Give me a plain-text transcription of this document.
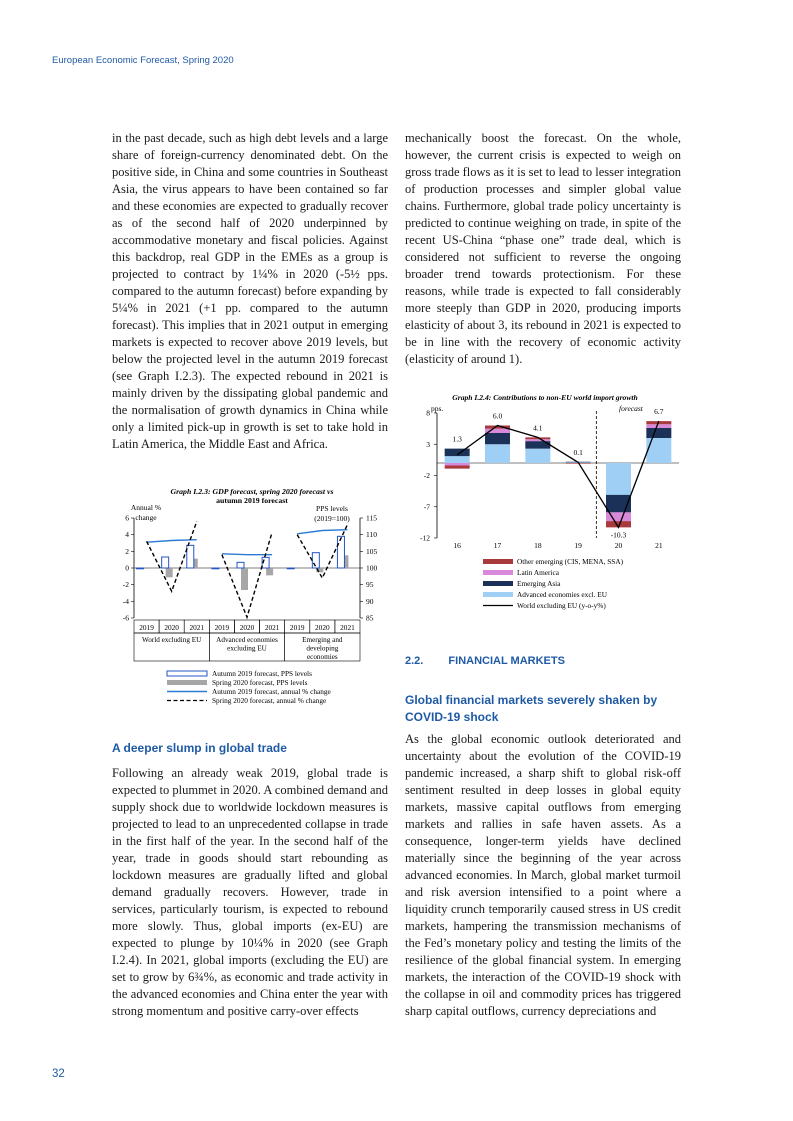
European Economic Forecast, Spring 2020

in the past decade, such as high debt levels and a large share of foreign-currency denominated debt. On the positive side, in China and some countries in Southeast Asia, the virus appears to have been contained so far and these economies are expected to gradually recover as of the second half of 2020 underpinned by accommodative monetary and fiscal policies. Against this backdrop, real GDP in the EMEs as a group is projected to contract by 1¼% in 2020 (-5½ pps. compared to the autumn forecast) before expanding by 5¼% in 2021 (+1 pp. compared to the autumn forecast). This implies that in 2021 output in emerging markets is expected to recover above 2019 levels, but below the projected level in the autumn 2019 forecast (see Graph I.2.3). The expected rebound in 2021 is mainly driven by the dissipating global pandemic and the normalisation of growth dynamics in China while only a limited pick-up in growth is set to take hold in Latin America, the Middle East and Africa.

Graph I.2.3: GDP forecast, spring 2020 forecast vs
autumn 2019 forecast
Annual %
change
PPS levels
(2019=100)
6
4
2
0
-2
-4
-6
115
110
105
100
95
90
85
2019 2020 2021 2019 2020 2021 2019 2020 2021
World excluding EU Advanced economies
excluding EU
Emerging and
developing
economies
Autumn 2019 forecast, PPS levels
Spring 2020 forecast, PPS levels
Autumn 2019 forecast, annual % change
Spring 2020 forecast, annual % change
A deeper slump in global trade

Following an already weak 2019, global trade is expected to plummet in 2020. A combined demand and supply shock due to worldwide lockdown measures is projected to lead to an unprecedented collapse in trade in the first half of the year. In the second half of the year, trade in goods should start rebounding as lockdown measures are gradually lifted and global demand gradually recovers. However, trade in services, particularly tourism, is expected to rebound more slowly. Thus, global imports (ex-EU) are expected to plunge by 10¼% in 2020 (see Graph I.2.4). In 2021, global imports (excluding the EU) are set to grow by 6¾%, as economic and trade activity in the advanced economies and China enter the year with strong momentum and positive carry-over effects

mechanically boost the forecast. On the whole, however, the current crisis is expected to weigh on gross trade flows as it is set to lead to lesser integration of production processes and simpler global value chains. Furthermore, global trade policy uncertainty is predicted to continue weighing on trade, in spite of the recent US-China “phase one” trade deal, which is considered not sufficient to reverse the ongoing broader trend towards protectionism. For these reasons, while trade is expected to fall considerably more steeply than GDP in 2020, producing imports elasticity of about 3, its rebound in 2021 is expected to be in line with the recovery of economic activity (elasticity of around 1).

Graph I.2.4: Contributions to non-EU world import growth
pps.	forecast
8
3
-2
-7
-12
16
1.3
17
6.0
18
4.1
19
0.1
20
-10.3
21
6.7
Other emerging (CIS, MENA, SSA)
Latin America
Emerging Asia
Advanced economies excl. EU
World excluding EU (y-o-y%)
2.2. FINANCIAL MARKETS
Global financial markets severely shaken by COVID-19 shock

As the global economic outlook deteriorated and uncertainty about the evolution of the COVID-19 pandemic increased, a sharp shift to global risk-off sentiment resulted in deep losses in global equity markets, massive capital outflows from emerging markets and rallies in safe haven assets. As a consequence, longer-term yields have declined materially since the beginning of the year across advanced economies. In March, global market turmoil and risk aversion intensified to a point where a liquidity crunch temporarily caused stress in US credit markets, hampering the transmission mechanisms of the Fed’s monetary policy and testing the limits of the resilience of the global financial system. In emerging markets, the interaction of the COVID-19 shock with the collapse in oil and commodity prices has triggered sharp capital outflows, currency depreciations and

32
